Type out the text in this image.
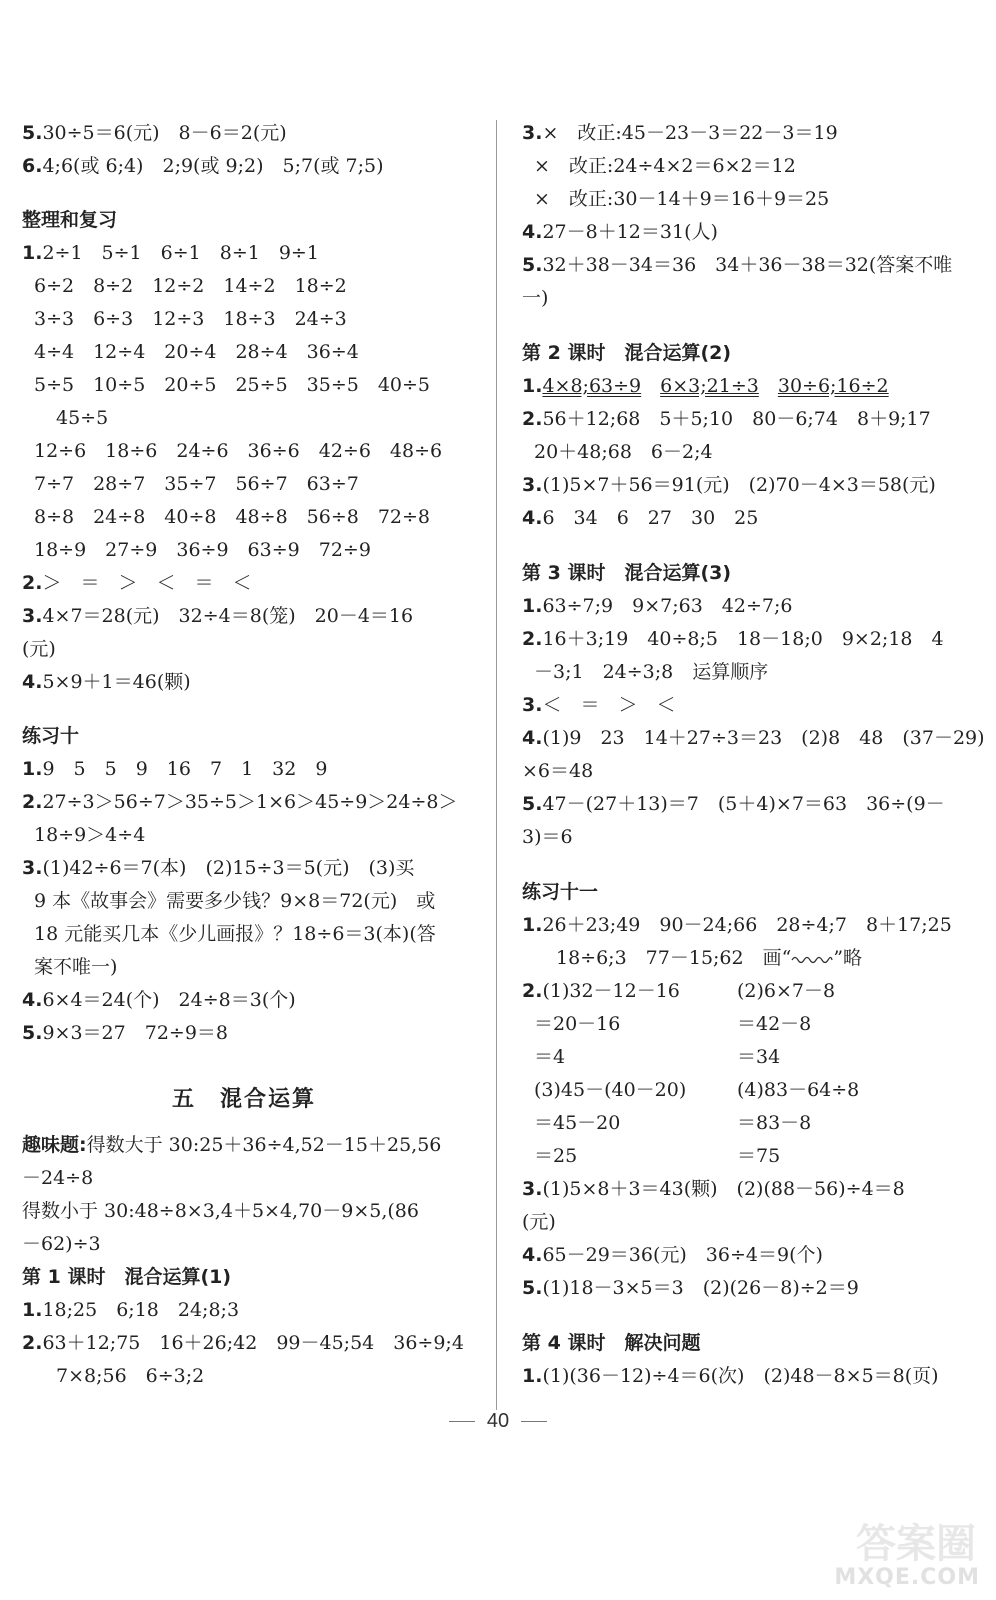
5.30÷5＝6(元)　8－6＝2(元)
6.4;6(或 6;4)　2;9(或 9;2)　5;7(或 7;5)
整理和复习
1.2÷1　5÷1　6÷1　8÷1　9÷1
6÷2　8÷2　12÷2　14÷2　18÷2
3÷3　6÷3　12÷3　18÷3　24÷3
4÷4　12÷4　20÷4　28÷4　36÷4
5÷5　10÷5　20÷5　25÷5　35÷5　40÷5
45÷5
12÷6　18÷6　24÷6　36÷6　42÷6　48÷6
7÷7　28÷7　35÷7　56÷7　63÷7
8÷8　24÷8　40÷8　48÷8　56÷8　72÷8
18÷9　27÷9　36÷9　63÷9　72÷9
2.＞　＝　＞　＜　＝　＜
3.4×7＝28(元)　32÷4＝8(笼)　20－4＝16
(元)
4.5×9＋1＝46(颗)
练习十
1.9　5　5　9　16　7　1　32　9
2.27÷3＞56÷7＞35÷5＞1×6＞45÷9＞24÷8＞
18÷9＞4÷4
3.(1)42÷6＝7(本)　(2)15÷3＝5(元)　(3)买
9 本《故事会》需要多少钱？9×8＝72(元)　或
18 元能买几本《少儿画报》？18÷6＝3(本)(答
案不唯一)
4.6×4＝24(个)　24÷8＝3(个)
5.9×3＝27　72÷9＝8
五　混合运算
趣味题:得数大于 30:25＋36÷4,52－15＋25,56
－24÷8
得数小于 30:48÷8×3,4＋5×4,70－9×5,(86
－62)÷3
第 1 课时　混合运算(1)
1.18;25　6;18　24;8;3
2.63＋12;75　16＋26;42　99－45;54　36÷9;4
7×8;56　6÷3;2
3.×　改正:45－23－3＝22－3＝19
×　改正:24÷4×2＝6×2＝12
×　改正:30－14＋9＝16＋9＝25
4.27－8＋12＝31(人)
5.32＋38－34＝36　34＋36－38＝32(答案不唯
一)
第 2 课时　混合运算(2)
1.4×8;63÷9　 6×3;21÷3　 30÷6;16÷2
2.56＋12;68　5＋5;10　80－6;74　8＋9;17
20＋48;68　6－2;4
3.(1)5×7＋56＝91(元)　(2)70－4×3＝58(元)
4.6　34　6　27　30　25
第 3 课时　混合运算(3)
1.63÷7;9　9×7;63　42÷7;6
2.16＋3;19　40÷8;5　18－18;0　9×2;18　4
－3;1　24÷3;8　运算顺序
3.＜　＝　＞　＜
4.(1)9　23　14＋27÷3＝23　(2)8　48　(37－29)
×6＝48
5.47－(27＋13)＝7　(5＋4)×7＝63　36÷(9－
3)＝6
练习十一
1.26＋23;49　90－24;66　28÷4;7　8＋17;25
18÷6;3　77－15;62　画“ ”略
2.(1)32－12－16	(2)6×7－8
＝20－16	＝42－8
＝4	＝34
(3)45－(40－20)	(4)83－64÷8
＝45－20	＝83－8
＝25	＝75
3.(1)5×8＋3＝43(颗)　(2)(88－56)÷4＝8
(元)
4.65－29＝36(元)　36÷4＝9(个)
5.(1)18－3×5＝3　(2)(26－8)÷2＝9
第 4 课时　解决问题
1.(1)(36－12)÷4＝6(次)　(2)48－8×5＝8(页)
40
答案圈
MXQE.COM
